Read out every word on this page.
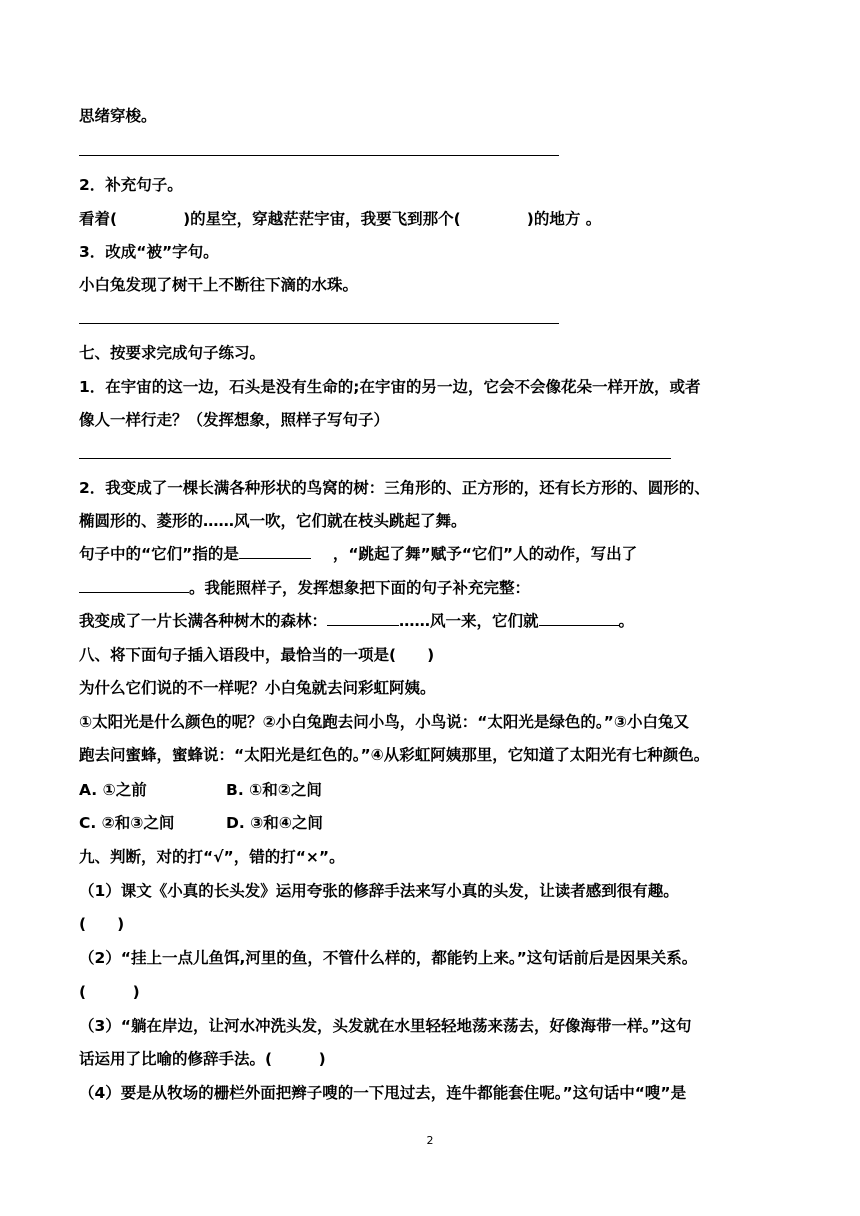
思绪穿梭。
2．补充句子。
看着(	)的星空，穿越茫茫宇宙，我要飞到那个(	)的地方 。
3．改成“被”字句。
小白兔发现了树干上不断往下滴的水珠。
七、按要求完成句子练习。
1．在宇宙的这一边，石头是没有生命的;在宇宙的另一边，它会不会像花朵一样开放，或者
像人一样行走？（发挥想象，照样子写句子）
2．我变成了一棵长满各种形状的鸟窝的树：三角形的、正方形的，还有长方形的、圆形的、
椭圆形的、菱形的……风一吹，它们就在枝头跳起了舞。
句子中的“它们”指的是	，“跳起了舞”赋予“它们”人的动作，写出了
。我能照样子，发挥想象把下面的句子补充完整：
我变成了一片长满各种树木的森林：	……风一来，它们就	。
八、将下面句子插入语段中，最恰当的一项是(　　)
为什么它们说的不一样呢？小白兔就去问彩虹阿姨。
①太阳光是什么颜色的呢？②小白兔跑去问小鸟，小鸟说：“太阳光是绿色的。”③小白兔又
跑去问蜜蜂，蜜蜂说：“太阳光是红色的。”④从彩虹阿姨那里，它知道了太阳光有七种颜色。
A. ①之前	B. ①和②之间
C. ②和③之间	D. ③和④之间
九、判断，对的打“√”，错的打“×”。
（1）课文《小真的长头发》运用夸张的修辞手法来写小真的头发，让读者感到很有趣。
(　　)
（2）“挂上一点儿鱼饵,河里的鱼，不管什么样的，都能钓上来。”这句话前后是因果关系。
(　　　)
（3）“躺在岸边，让河水冲洗头发，头发就在水里轻轻地荡来荡去，好像海带一样。”这句
话运用了比喻的修辞手法。(　　　)
（4）要是从牧场的栅栏外面把辫子嗖的一下甩过去，连牛都能套住呢。”这句话中“嗖”是
2
